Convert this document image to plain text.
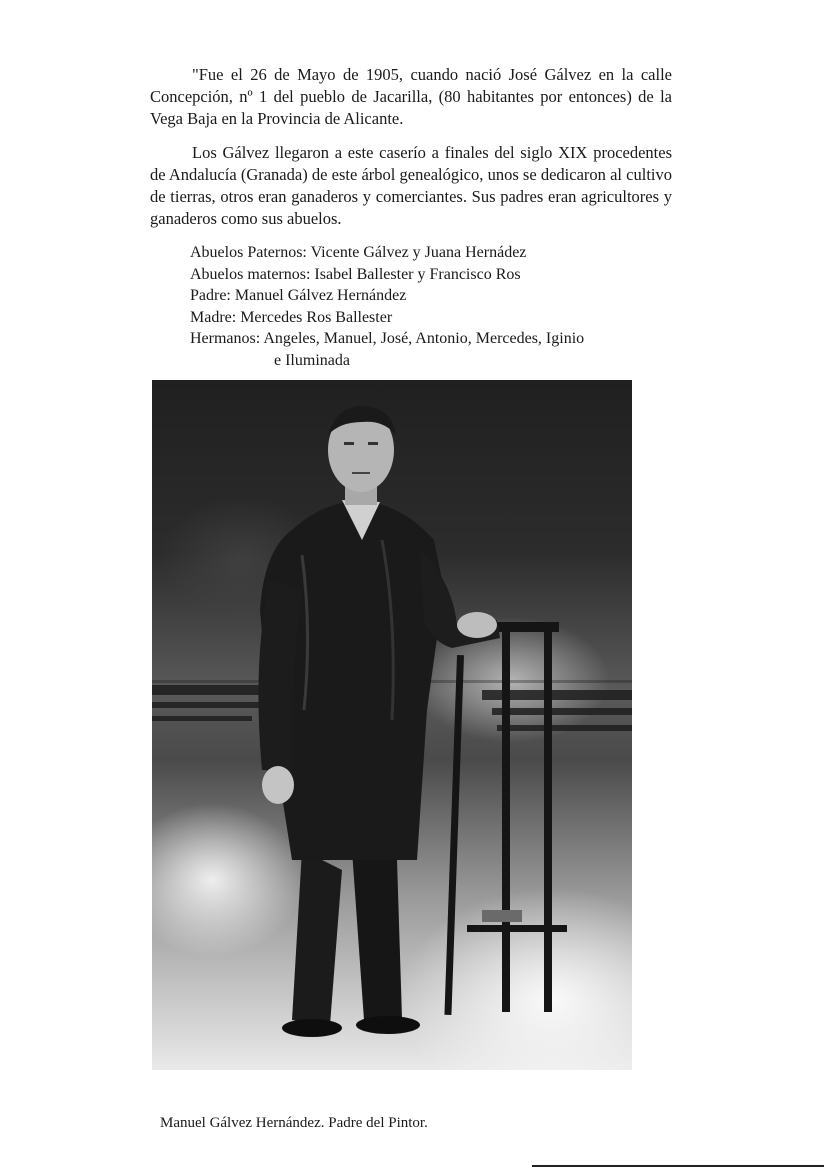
"Fue el 26 de Mayo de 1905, cuando nació José Gálvez en la calle Concepción, nº 1 del pueblo de Jacarilla, (80 habitantes por entonces) de la Vega Baja en la Provincia de Alicante.

Los Gálvez llegaron a este caserío a finales del siglo XIX procedentes de Andalucía (Granada) de este árbol genealógico, unos se dedicaron al cultivo de tierras, otros eran ganaderos y comerciantes. Sus padres eran agricultores y ganaderos como sus abuelos.

Abuelos Paternos: Vicente Gálvez y Juana Hernádez

Abuelos maternos: Isabel Ballester y Francisco Ros

Padre: Manuel Gálvez Hernández

Madre: Mercedes Ros Ballester

Hermanos: Angeles, Manuel, José, Antonio, Mercedes, Iginio

e Iluminada

Manuel Gálvez Hernández. Padre del Pintor.
